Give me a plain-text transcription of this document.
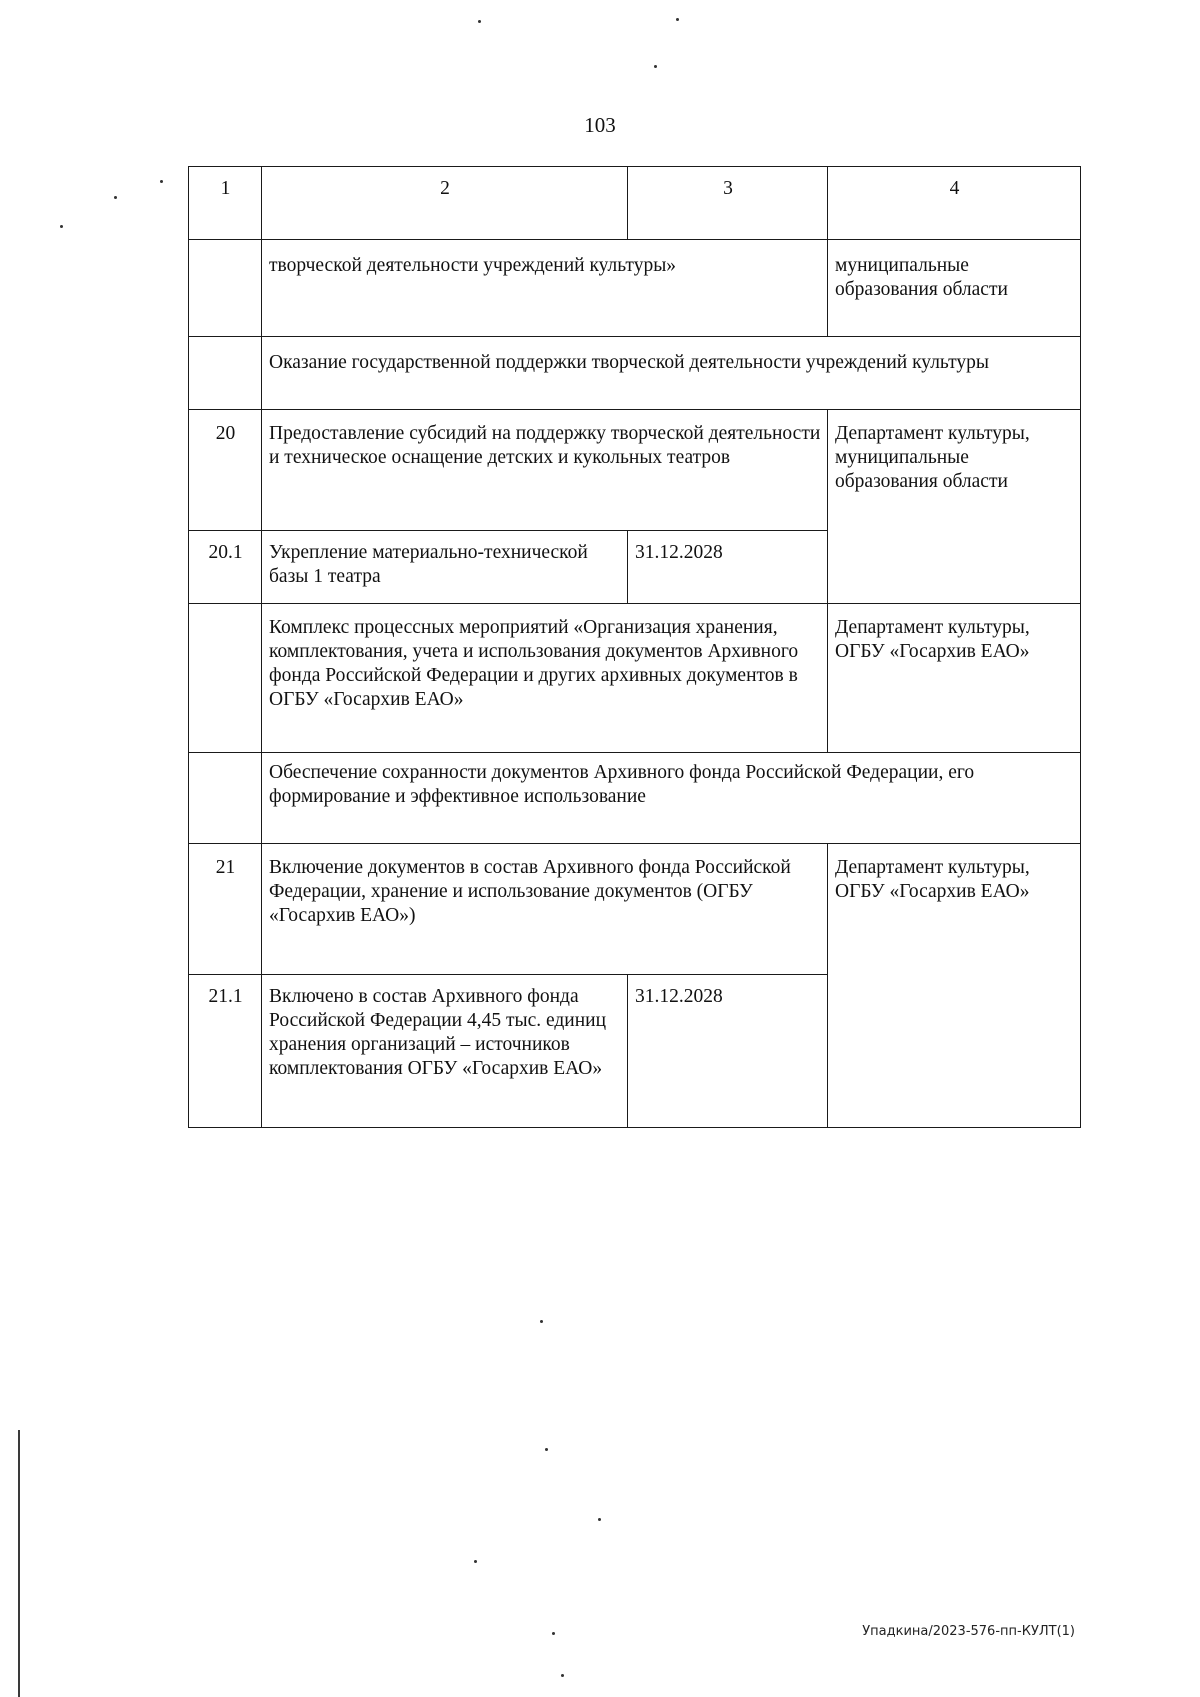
103
1	2	3	4
	творческой деятельности учреждений культуры»		муниципальные образования области
	Оказание государственной поддержки творческой деятельности учреждений культуры		
20	Предоставление субсидий на поддержку творческой деятельности и техническое оснащение детских и кукольных театров		Департамент культуры, муниципальные образования области
20.1	Укрепление материально-технической базы 1 театра	31.12.2028	
	Комплекс процессных мероприятий «Организация хранения, комплектования, учета и использования документов Архивного фонда Российской Федерации и других архивных документов в ОГБУ «Госархив ЕАО»		Департамент культуры, ОГБУ «Госархив ЕАО»
	Обеспечение сохранности документов Архивного фонда Российской Федерации, его формирование и эффективное использование		
21	Включение документов в состав Архивного фонда Российской Федерации, хранение и использование документов (ОГБУ «Госархив ЕАО»)		Департамент культуры, ОГБУ «Госархив ЕАО»
21.1	Включено в состав Архивного фонда Российской Федерации 4,45 тыс. единиц хранения организаций – источников комплектования ОГБУ «Госархив ЕАО»	31.12.2028	
Упадкина/2023-576-пп-КУЛТ(1)
